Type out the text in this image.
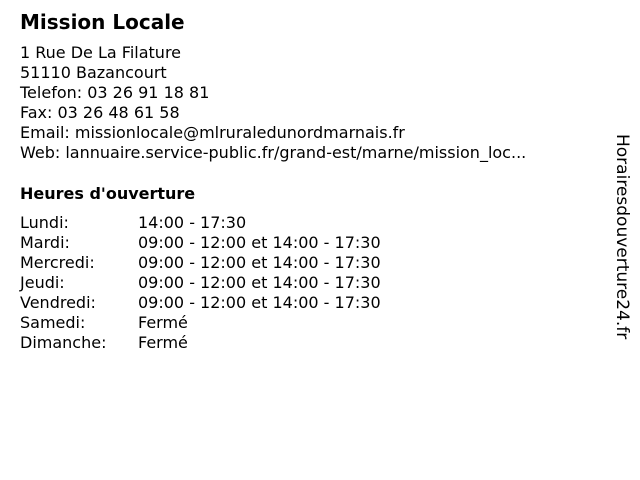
Mission Locale
1 Rue De La Filature
51110 Bazancourt
Telefon: 03 26 91 18 81
Fax: 03 26 48 61 58
Email: missionlocale@mlruraledunordmarnais.fr
Web: lannuaire.service-public.fr/grand-est/marne/mission_loc...
Heures d'ouverture
Lundi:	14:00 - 17:30
Mardi:	09:00 - 12:00 et 14:00 - 17:30
Mercredi:	09:00 - 12:00 et 14:00 - 17:30
Jeudi:	09:00 - 12:00 et 14:00 - 17:30
Vendredi:	09:00 - 12:00 et 14:00 - 17:30
Samedi:	Fermé
Dimanche:	Fermé
Horairesdouverture24.fr
